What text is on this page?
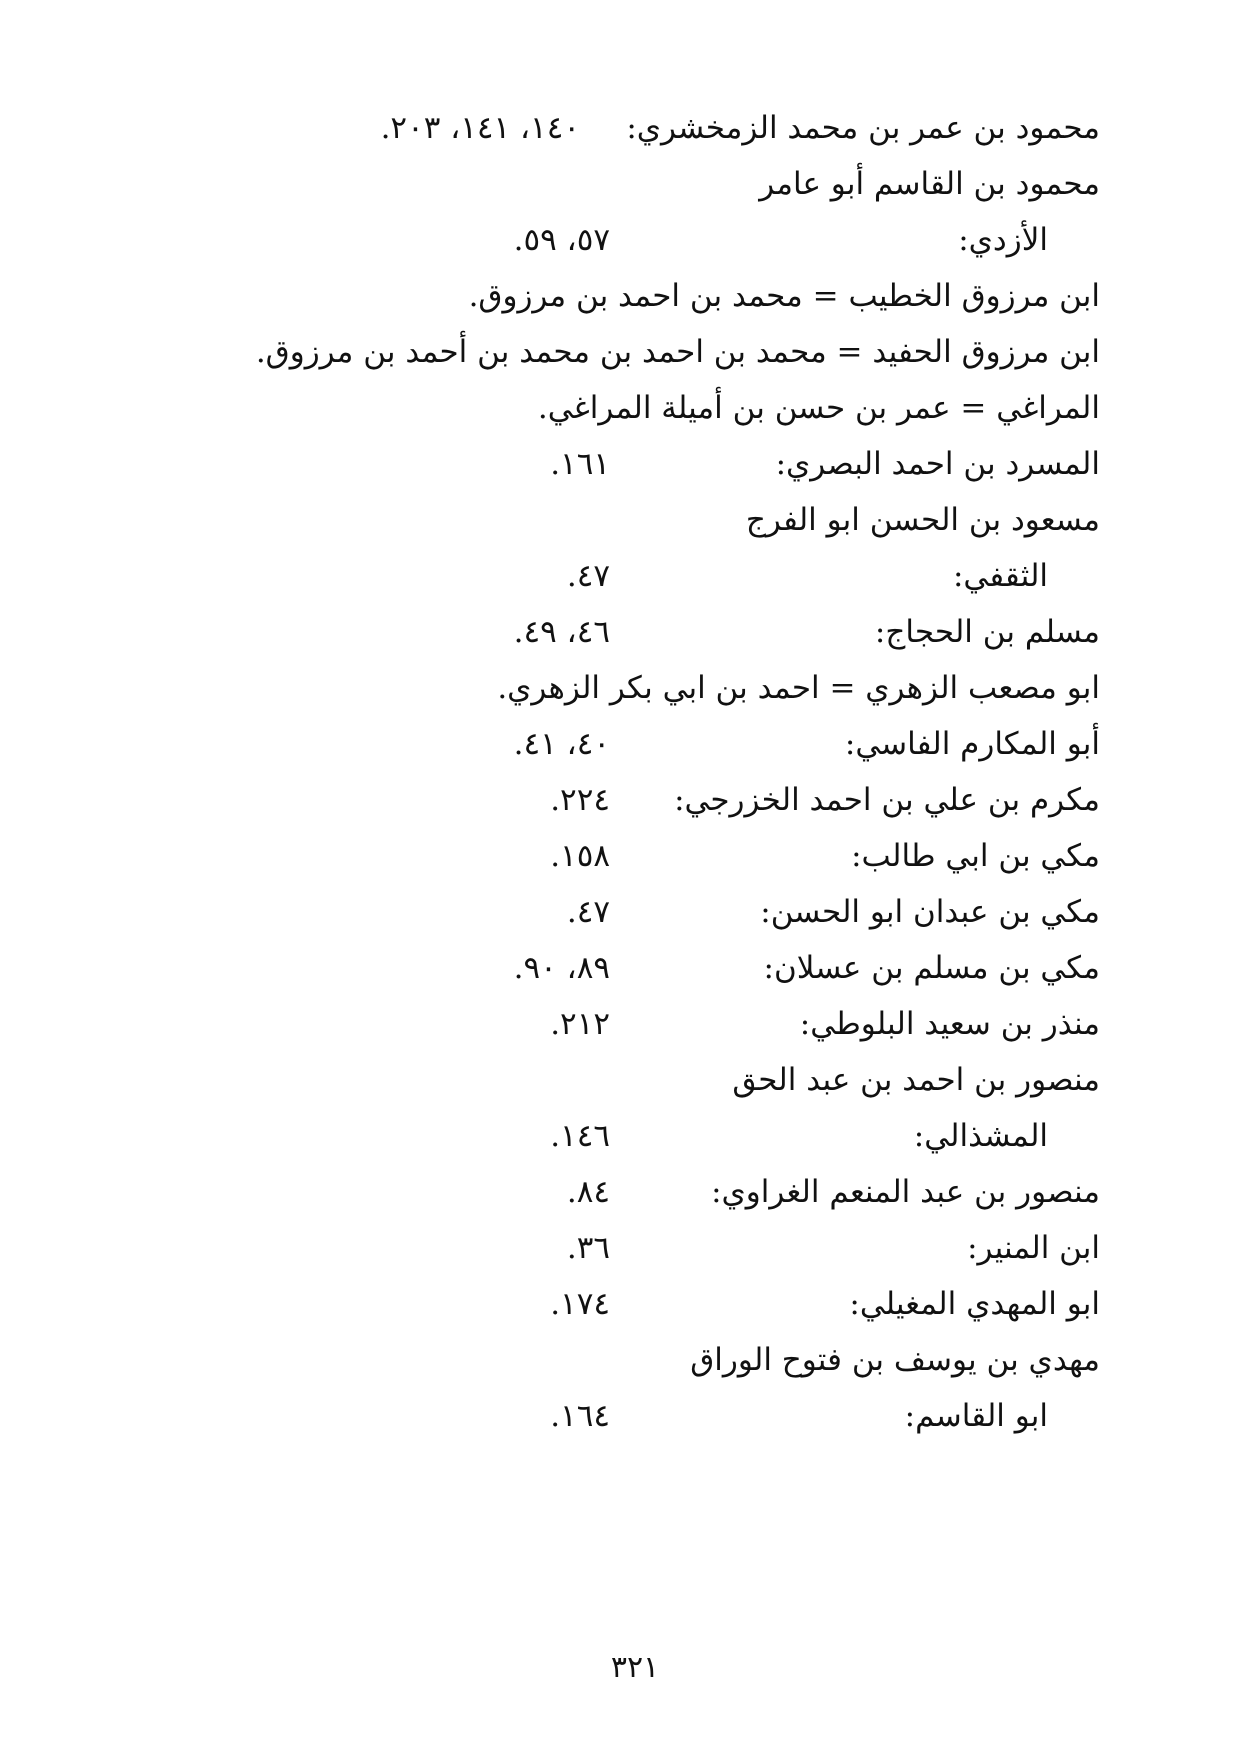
محمود بن عمر بن محمد الزمخشري:
١٤٠، ١٤١، ٢٠٣.
محمود بن القاسم أبو عامر
الأزدي:
٥٧، ٥٩.
ابن مرزوق الخطيب = محمد بن احمد بن مرزوق.
ابن مرزوق الحفيد = محمد بن احمد بن محمد بن أحمد بن مرزوق.
المراغي = عمر بن حسن بن أميلة المراغي.
المسرد بن احمد البصري:
١٦١.
مسعود بن الحسن ابو الفرج
الثقفي:
٤٧.
مسلم بن الحجاج:
٤٦، ٤٩.
ابو مصعب الزهري = احمد بن ابي بكر الزهري.
أبو المكارم الفاسي:
٤٠، ٤١.
مكرم بن علي بن احمد الخزرجي:
٢٢٤.
مكي بن ابي طالب:
١٥٨.
مكي بن عبدان ابو الحسن:
٤٧.
مكي بن مسلم بن عسلان:
٨٩، ٩٠.
منذر بن سعيد البلوطي:
٢١٢.
منصور بن احمد بن عبد الحق
المشذالي:
١٤٦.
منصور بن عبد المنعم الغراوي:
٨٤.
ابن المنير:
٣٦.
ابو المهدي المغيلي:
١٧٤.
مهدي بن يوسف بن فتوح الوراق
ابو القاسم:
١٦٤.
٣٢١
